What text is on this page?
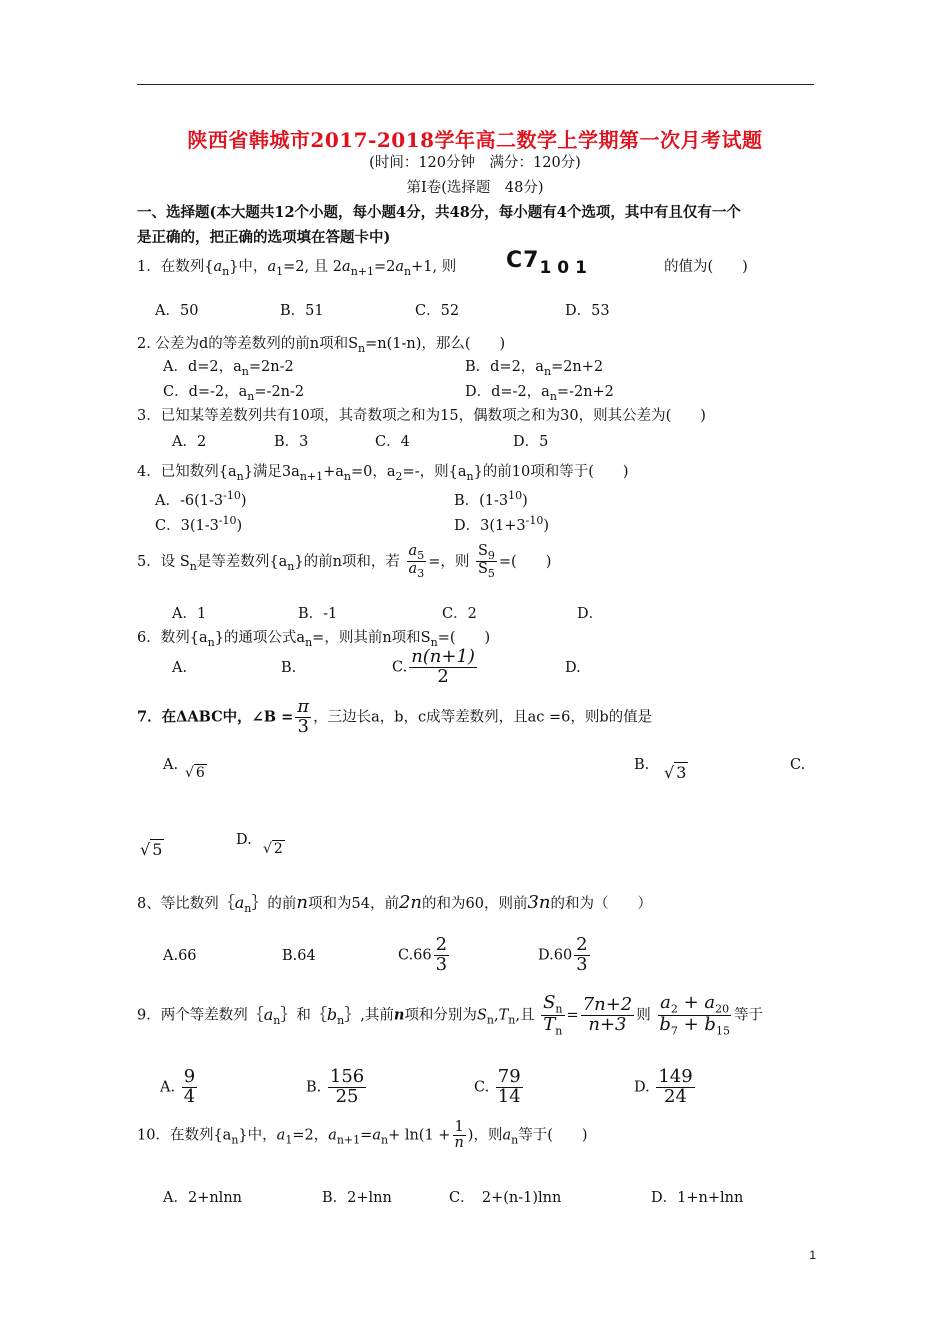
陕西省韩城市2017-2018学年高二数学上学期第一次月考试题
(时间：120分钟　满分：120分)
第Ⅰ卷(选择题　48分)
一、选择题(本大题共12个小题，每小题4分，共48分，每小题有4个选项，其中有且仅有一个
是正确的，把正确的选项填在答题卡中)
1．在数列$\{a_n\}$中，$a_1=2$, 且 $2a_{n+1}=2a_n+1$, 则 $C7_{101}$	的值为(　　)
A．50	B．51	C．52	D．53
2. 公差为d的等差数列的前n项和$S_n=n(1-n)$，那么(　　)
A．d=2，$a_n=2n-2$	B．d=2，$a_n=2n+2$
C．d=-2，$a_n=-2n-2$	D．d=-2，$a_n=-2n+2$
3．已知某等差数列共有10项，其奇数项之和为15，偶数项之和为30，则其公差为(　　)
A．2	B．3	C．4	D．5
4．已知数列$\{a_n\}$满足$3a_{n+1}+a_n=0$，$a_2=-$，则$\{a_n\}$的前10项和等于(　　)
A．$-6(1-3^{-10})$	B．$(1-3^{10})$
C．$3(1-3^{-10})$	D．$3(1+3^{-10})$
5．设 $S_n$是等差数列$\{a_n\}$的前n项和，若 $\frac{a_5}{a_3}$ =，则 $\frac{S_9}{S_5}$ =(　　)
A．1	B．-1	C．2	D．
6．数列$\{a_n\}$的通项公式$a_n=$，则其前n项和$S_n=$(　　)
A.	B.	C. $\frac{n(n+1)}{2}$	D.
7．在ΔABC中，∠B = $\frac{\pi}{3}$ ，三边长a，b，c成等差数列，且ac =6，则b的值是
A. √ 6	B. √ 3	C.
√ 5	D.
√ 2
8、等比数列$\{a_n\}$的前n项和为54，前2n的和为60，则前3n的和为（　　）
A.66	B.64	$C.66 \frac{2}{3}$	$D.60 \frac{2}{3}$
9．两个等差数列$\{a_n\}$和$\{b_n\}$,其前n项和分别为$S_n,T_n$,且 $\frac{S_n}{T_n} = \frac{7n+2}{n+3}$ 则 $\frac{a_2 + a_{20}}{b_7 + b_{15}}$ 等于
A. $\frac{9}{4}$	B. $\frac{156}{25}$	C. $\frac{79}{14}$	D. $\frac{149}{24}$
10．在数列$\{a_n\}$中，$a_1=2$，$a_{n+1}=a_n+ \ln(1 + \frac{1}{n}$ )，则$a_n$等于(　　)
A．2+nlnn	B．2+lnn	C．　2+(n-1)lnn	D．1+n+lnn
1
